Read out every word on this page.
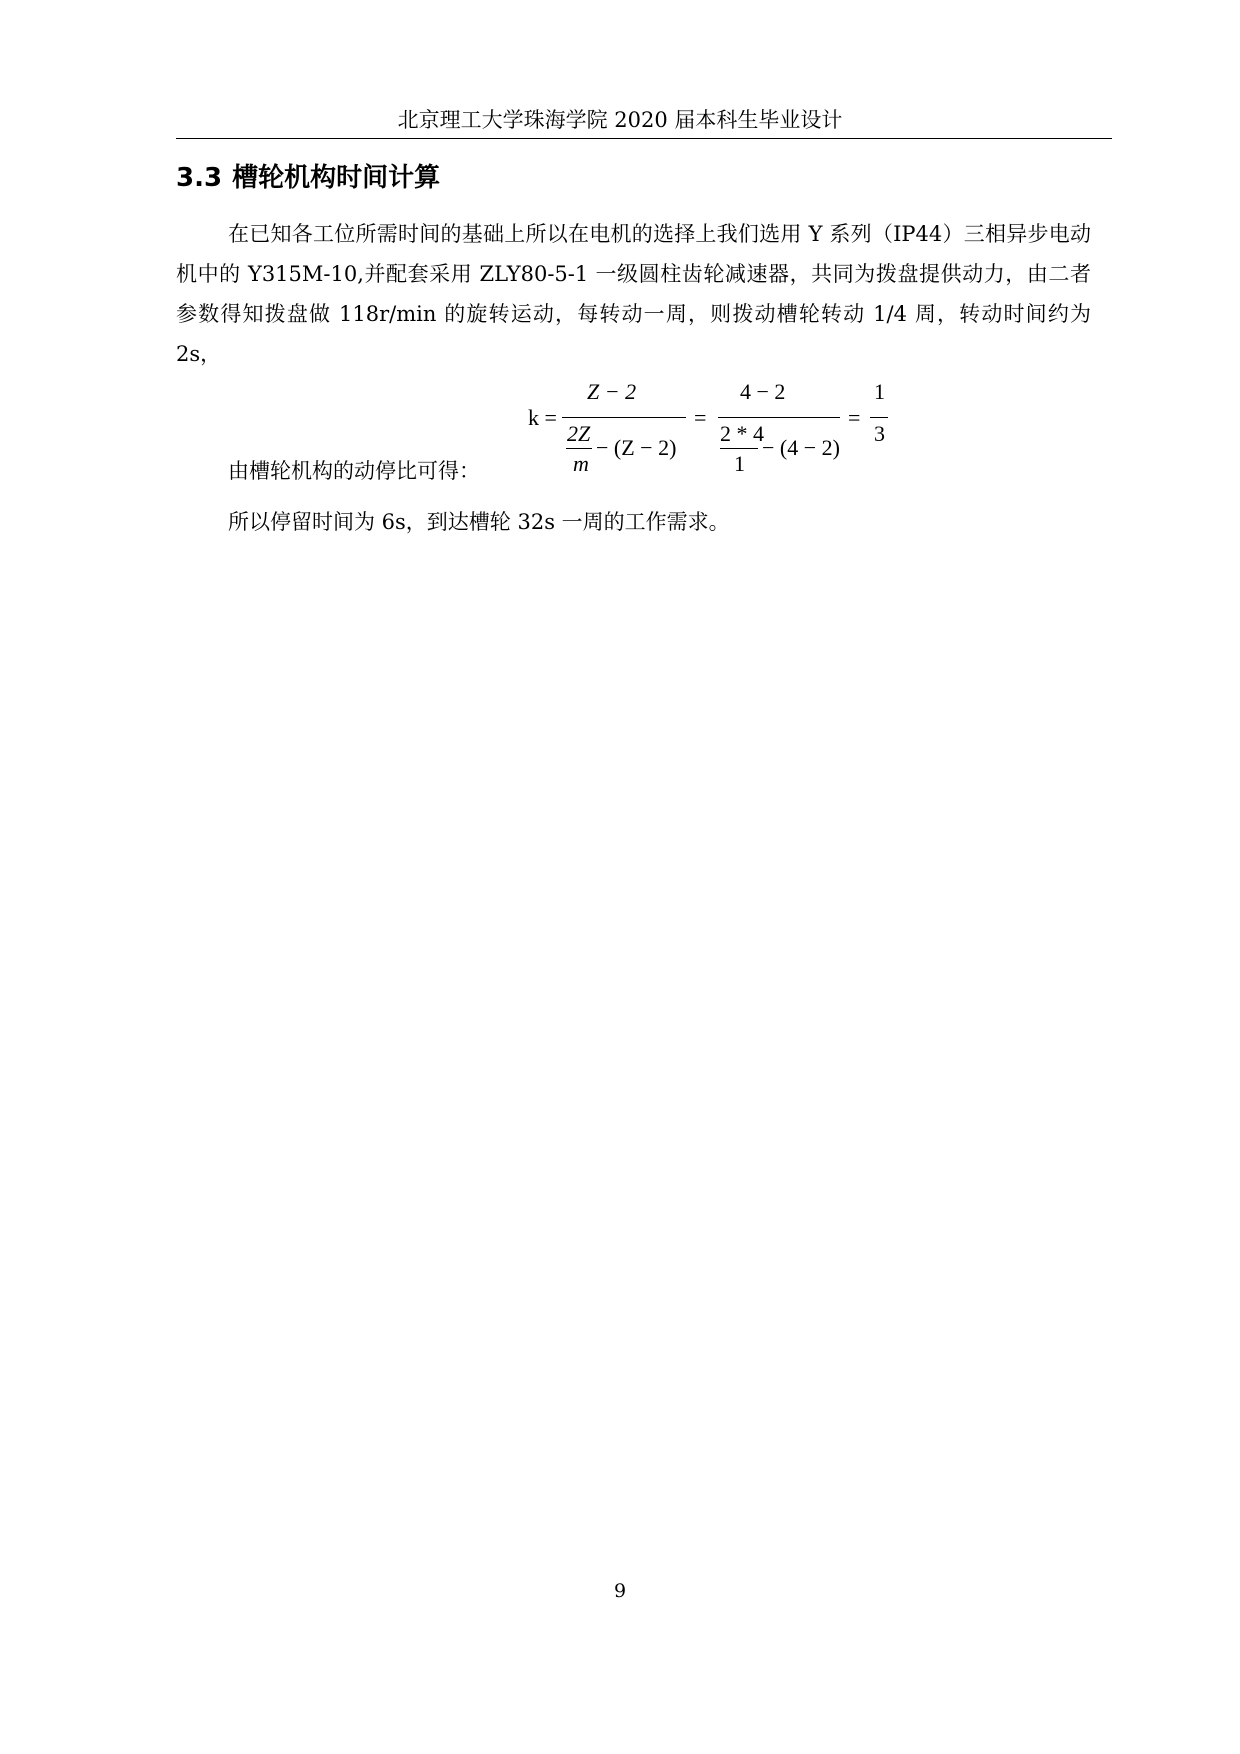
北京理工大学珠海学院 2020 届本科生毕业设计
3.3 槽轮机构时间计算
在已知各工位所需时间的基础上所以在电机的选择上我们选用 Y 系列（IP44）三相异步电动机中的 Y315M-10,并配套采用 ZLY80-5-1 一级圆柱齿轮减速器，共同为拨盘提供动力，由二者参数得知拨盘做 118r/min 的旋转运动，每转动一周，则拨动槽轮转动 1/4 周，转动时间约为 2s，
由槽轮机构的动停比可得：
k =
Z − 2
2Z
m
− (Z − 2)
=
4 − 2
2 * 4
1
− (4 − 2)
=
1
3
所以停留时间为 6s，到达槽轮 32s 一周的工作需求。
9
